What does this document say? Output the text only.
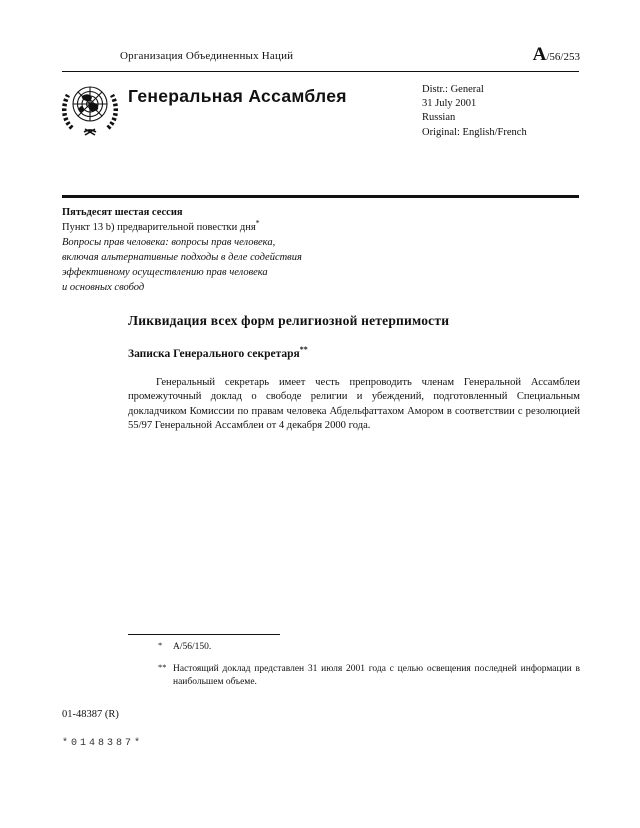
Организация Объединенных Наций	A/56/253
Генеральная Ассамблея	Distr.: General
31 July 2001
Russian
Original: English/French
Пятьдесят шестая сессия
Пункт 13 b) предварительной повестки дня*
Вопросы прав человека: вопросы прав человека,
включая альтернативные подходы в деле содействия
эффективному осуществлению прав человека
и основных свобод
Ликвидация всех форм религиозной нетерпимости
Записка Генерального секретаря**
Генеральный секретарь имеет честь препроводить членам Генеральной Ассамблеи промежуточный доклад о свободе религии и убеждений, подготовленный Специальным докладчиком Комиссии по правам человека Абдельфаттахом Амором в соответствии с резолюцией 55/97 Генеральной Ассамблеи от 4 декабря 2000 года.
* A/56/150.
** Настоящий доклад представлен 31 июля 2001 года с целью освещения последней информации в наибольшем объеме.
01-48387 (R)
*0148387*
